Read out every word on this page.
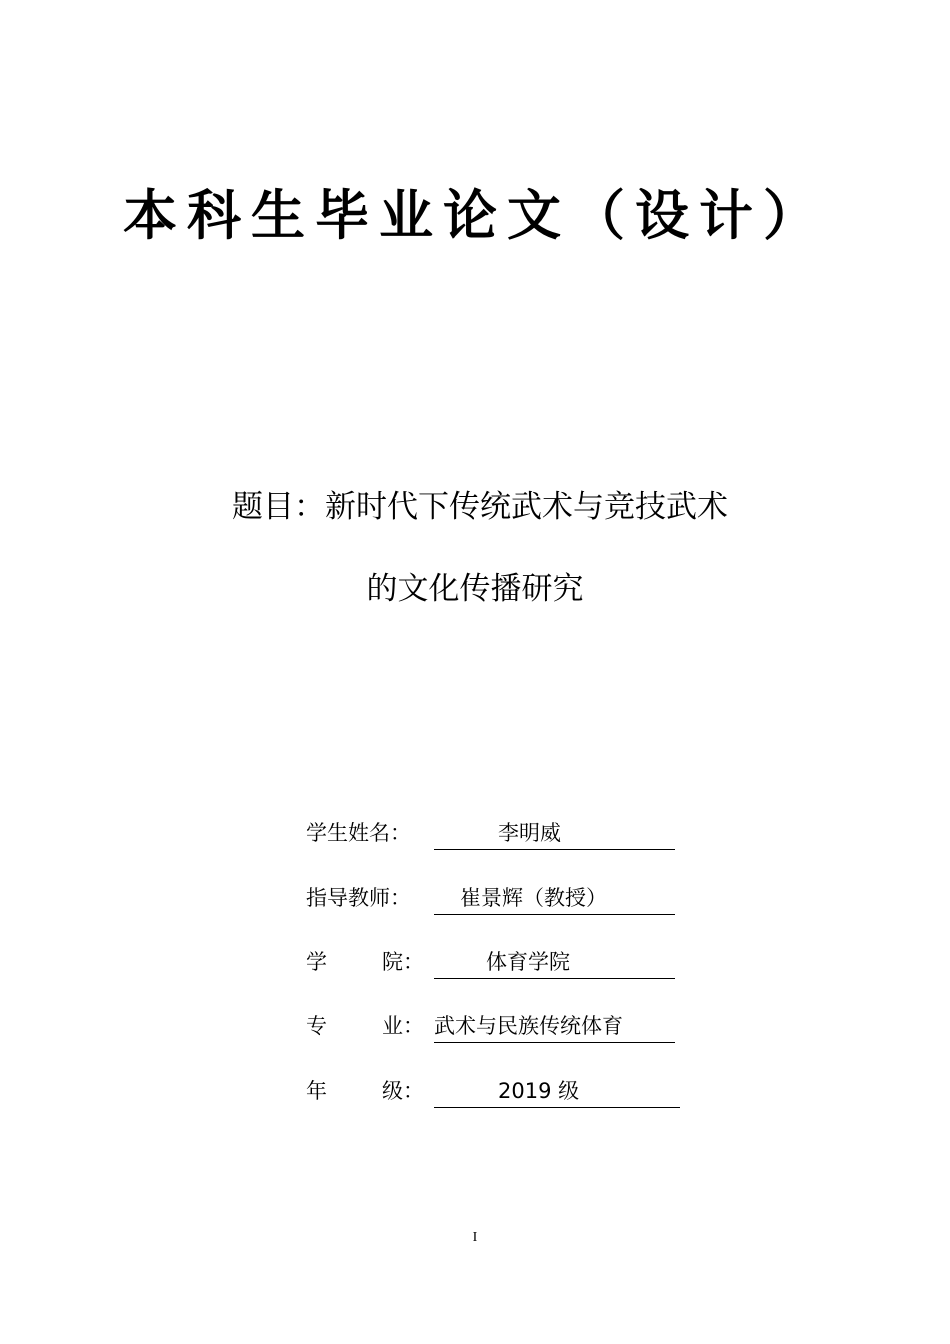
本科生毕业论文（设计）
题目：新时代下传统武术与竞技武术
的文化传播研究
学生姓名：	李明威
指导教师：	崔景辉（教授）
学	院：	体育学院
专	业： 武术与民族传统体育
年	级：	2019 级
I
